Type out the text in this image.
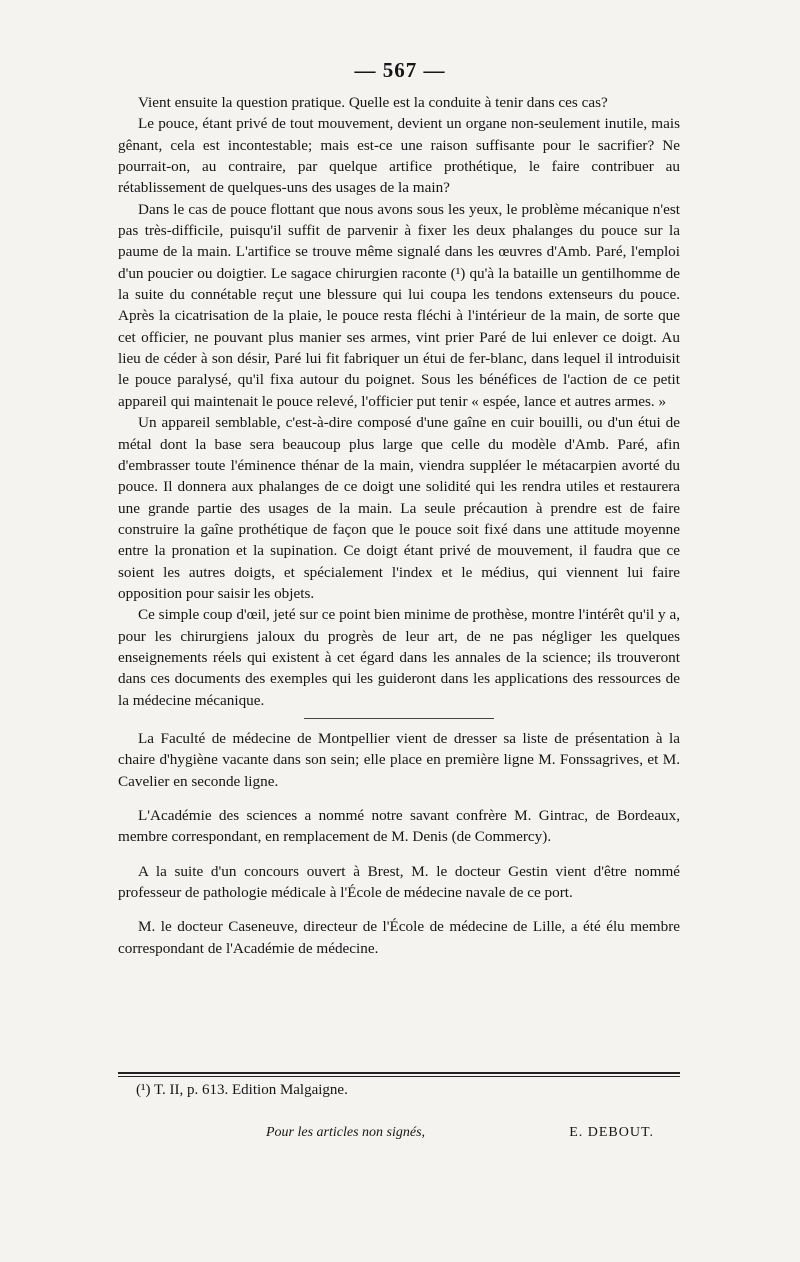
— 567 —

Vient ensuite la question pratique. Quelle est la conduite à tenir dans ces cas?

Le pouce, étant privé de tout mouvement, devient un organe non-seulement inutile, mais gênant, cela est incontestable; mais est-ce une raison suffisante pour le sacrifier? Ne pourrait-on, au contraire, par quelque artifice prothétique, le faire contribuer au rétablissement de quelques-uns des usages de la main?

Dans le cas de pouce flottant que nous avons sous les yeux, le problème mécanique n'est pas très-difficile, puisqu'il suffit de parvenir à fixer les deux phalanges du pouce sur la paume de la main. L'artifice se trouve même signalé dans les œuvres d'Amb. Paré, l'emploi d'un poucier ou doigtier. Le sagace chirurgien raconte (¹) qu'à la bataille un gentilhomme de la suite du connétable reçut une blessure qui lui coupa les tendons extenseurs du pouce. Après la cicatrisation de la plaie, le pouce resta fléchi à l'intérieur de la main, de sorte que cet officier, ne pouvant plus manier ses armes, vint prier Paré de lui enlever ce doigt. Au lieu de céder à son désir, Paré lui fit fabriquer un étui de fer-blanc, dans lequel il introduisit le pouce paralysé, qu'il fixa autour du poignet. Sous les bénéfices de l'action de ce petit appareil qui maintenait le pouce relevé, l'officier put tenir « espée, lance et autres armes. »

Un appareil semblable, c'est-à-dire composé d'une gaîne en cuir bouilli, ou d'un étui de métal dont la base sera beaucoup plus large que celle du modèle d'Amb. Paré, afin d'embrasser toute l'éminence thénar de la main, viendra suppléer le métacarpien avorté du pouce. Il donnera aux phalanges de ce doigt une solidité qui les rendra utiles et restaurera une grande partie des usages de la main. La seule précaution à prendre est de faire construire la gaîne prothétique de façon que le pouce soit fixé dans une attitude moyenne entre la pronation et la supination. Ce doigt étant privé de mouvement, il faudra que ce soient les autres doigts, et spécialement l'index et le médius, qui viennent lui faire opposition pour saisir les objets.

Ce simple coup d'œil, jeté sur ce point bien minime de prothèse, montre l'intérêt qu'il y a, pour les chirurgiens jaloux du progrès de leur art, de ne pas négliger les quelques enseignements réels qui existent à cet égard dans les annales de la science; ils trouveront dans ces documents des exemples qui les guideront dans les applications des ressources de la médecine mécanique.

La Faculté de médecine de Montpellier vient de dresser sa liste de présentation à la chaire d'hygiène vacante dans son sein; elle place en première ligne M. Fonssagrives, et M. Cavelier en seconde ligne.

L'Académie des sciences a nommé notre savant confrère M. Gintrac, de Bordeaux, membre correspondant, en remplacement de M. Denis (de Commercy).

A la suite d'un concours ouvert à Brest, M. le docteur Gestin vient d'être nommé professeur de pathologie médicale à l'École de médecine navale de ce port.

M. le docteur Caseneuve, directeur de l'École de médecine de Lille, a été élu membre correspondant de l'Académie de médecine.

(¹) T. II, p. 613. Edition Malgaigne.
Pour les articles non signés,	E. DEBOUT.
